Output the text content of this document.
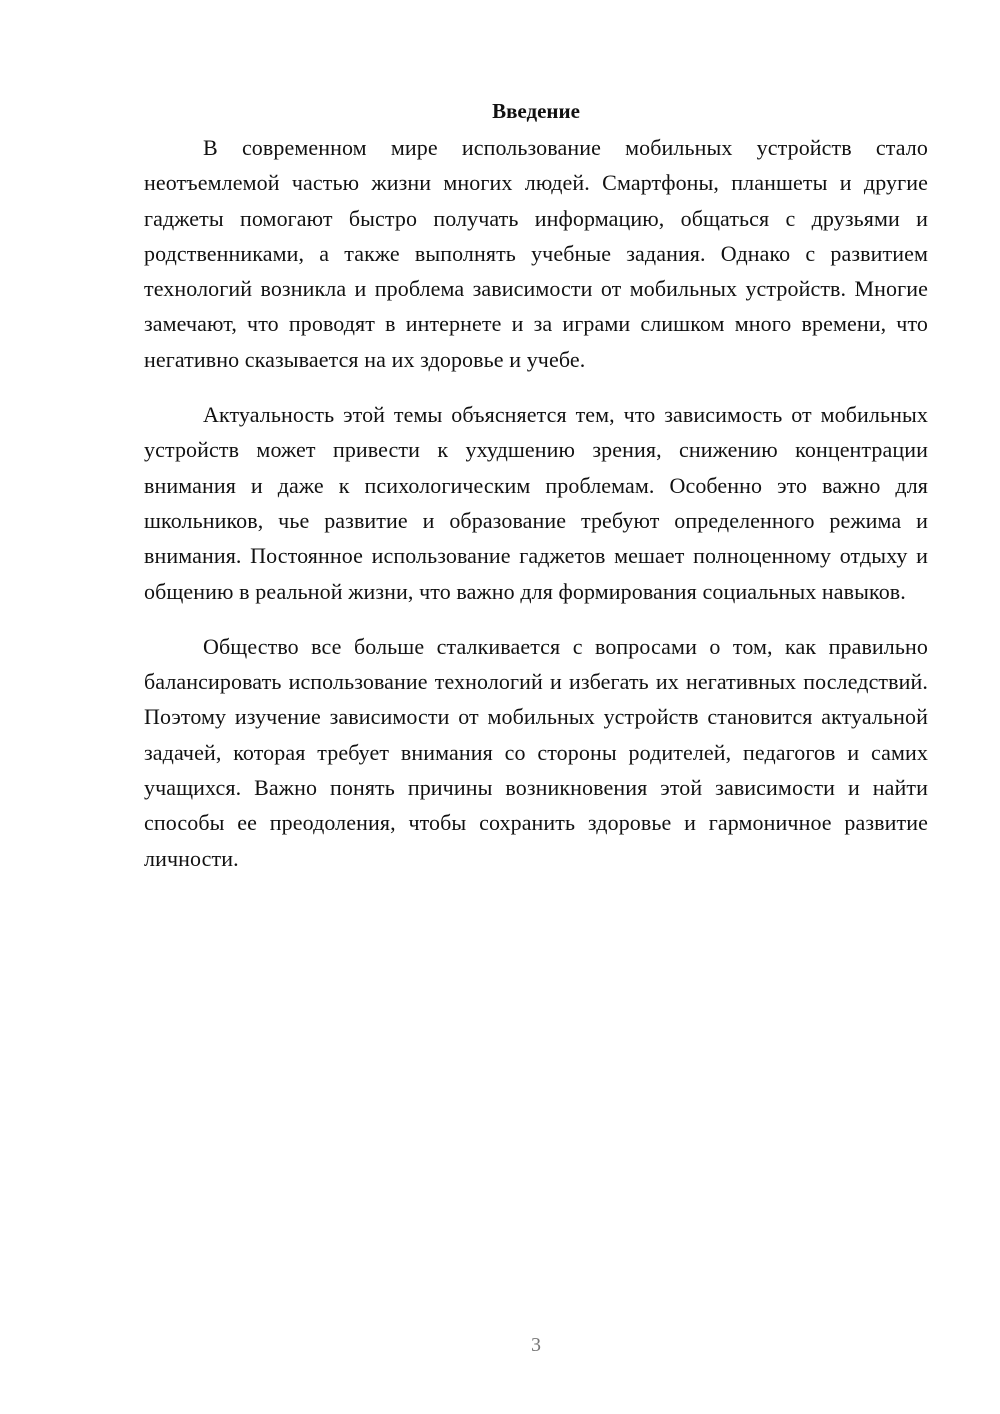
Введение

В современном мире использование мобильных устройств стало неотъемлемой частью жизни многих людей. Смартфоны, планшеты и другие гаджеты помогают быстро получать информацию, общаться с друзьями и родственниками, а также выполнять учебные задания. Однако с развитием технологий возникла и проблема зависимости от мобильных устройств. Многие замечают, что проводят в интернете и за играми слишком много времени, что негативно сказывается на их здоровье и учебе.

Актуальность этой темы объясняется тем, что зависимость от мобильных устройств может привести к ухудшению зрения, снижению концентрации внимания и даже к психологическим проблемам. Особенно это важно для школьников, чье развитие и образование требуют определенного режима и внимания. Постоянное использование гаджетов мешает полноценному отдыху и общению в реальной жизни, что важно для формирования социальных навыков.

Общество все больше сталкивается с вопросами о том, как правильно балансировать использование технологий и избегать их негативных последствий. Поэтому изучение зависимости от мобильных устройств становится актуальной задачей, которая требует внимания со стороны родителей, педагогов и самих учащихся. Важно понять причины возникновения этой зависимости и найти способы ее преодоления, чтобы сохранить здоровье и гармоничное развитие личности.

3
